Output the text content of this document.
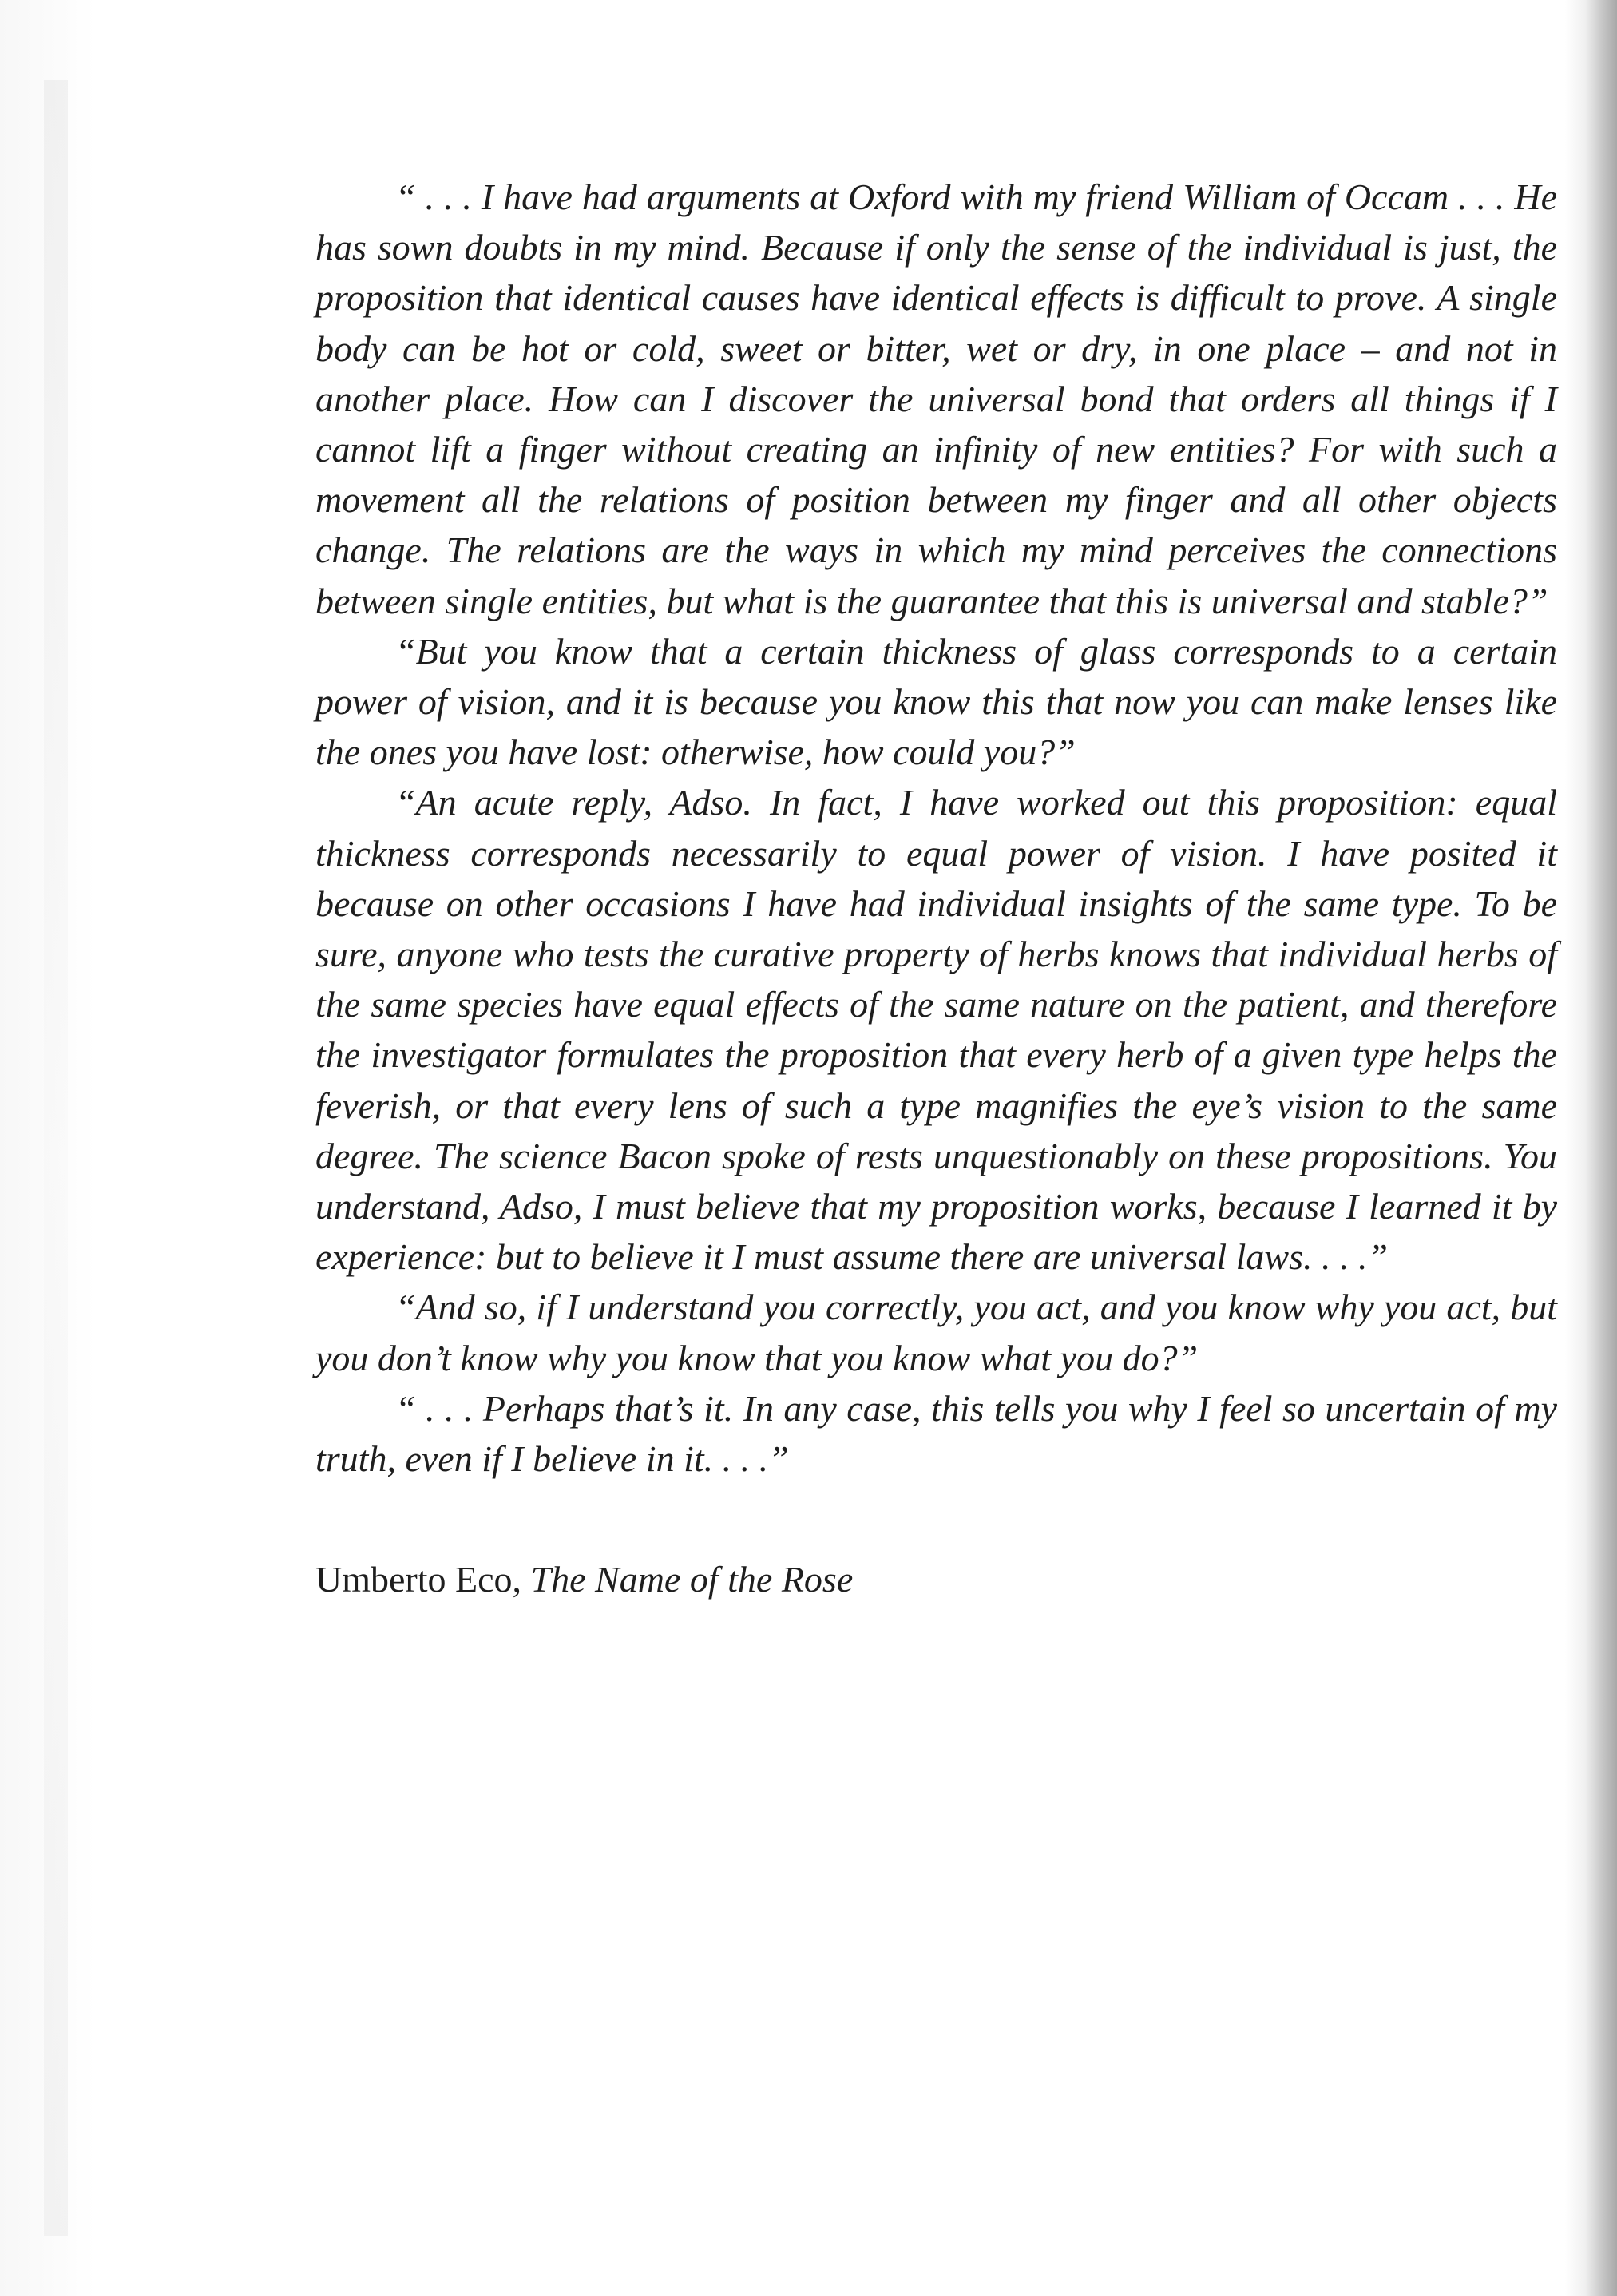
“ . . . I have had arguments at Oxford with my friend William of Occam . . . He has sown doubts in my mind. Because if only the sense of the individual is just, the proposition that identical causes have identical effects is difficult to prove. A single body can be hot or cold, sweet or bitter, wet or dry, in one place – and not in another place. How can I discover the universal bond that orders all things if I cannot lift a finger without creating an infinity of new entities? For with such a movement all the relations of position between my finger and all other objects change. The relations are the ways in which my mind perceives the connections between single entities, but what is the guarantee that this is universal and stable?”

“But you know that a certain thickness of glass corresponds to a certain power of vision, and it is because you know this that now you can make lenses like the ones you have lost: otherwise, how could you?”

“An acute reply, Adso. In fact, I have worked out this proposition: equal thickness corresponds necessarily to equal power of vision. I have posited it because on other occasions I have had individual insights of the same type. To be sure, anyone who tests the curative property of herbs knows that individual herbs of the same species have equal effects of the same nature on the patient, and therefore the investigator formulates the proposition that every herb of a given type helps the feverish, or that every lens of such a type magnifies the eye’s vision to the same degree. The science Bacon spoke of rests unquestionably on these propositions. You understand, Adso, I must believe that my proposition works, because I learned it by experience: but to believe it I must assume there are universal laws. . . .”

“And so, if I understand you correctly, you act, and you know why you act, but you don’t know why you know that you know what you do?”

“ . . . Perhaps that’s it. In any case, this tells you why I feel so uncertain of my truth, even if I believe in it. . . .”

Umberto Eco, The Name of the Rose
